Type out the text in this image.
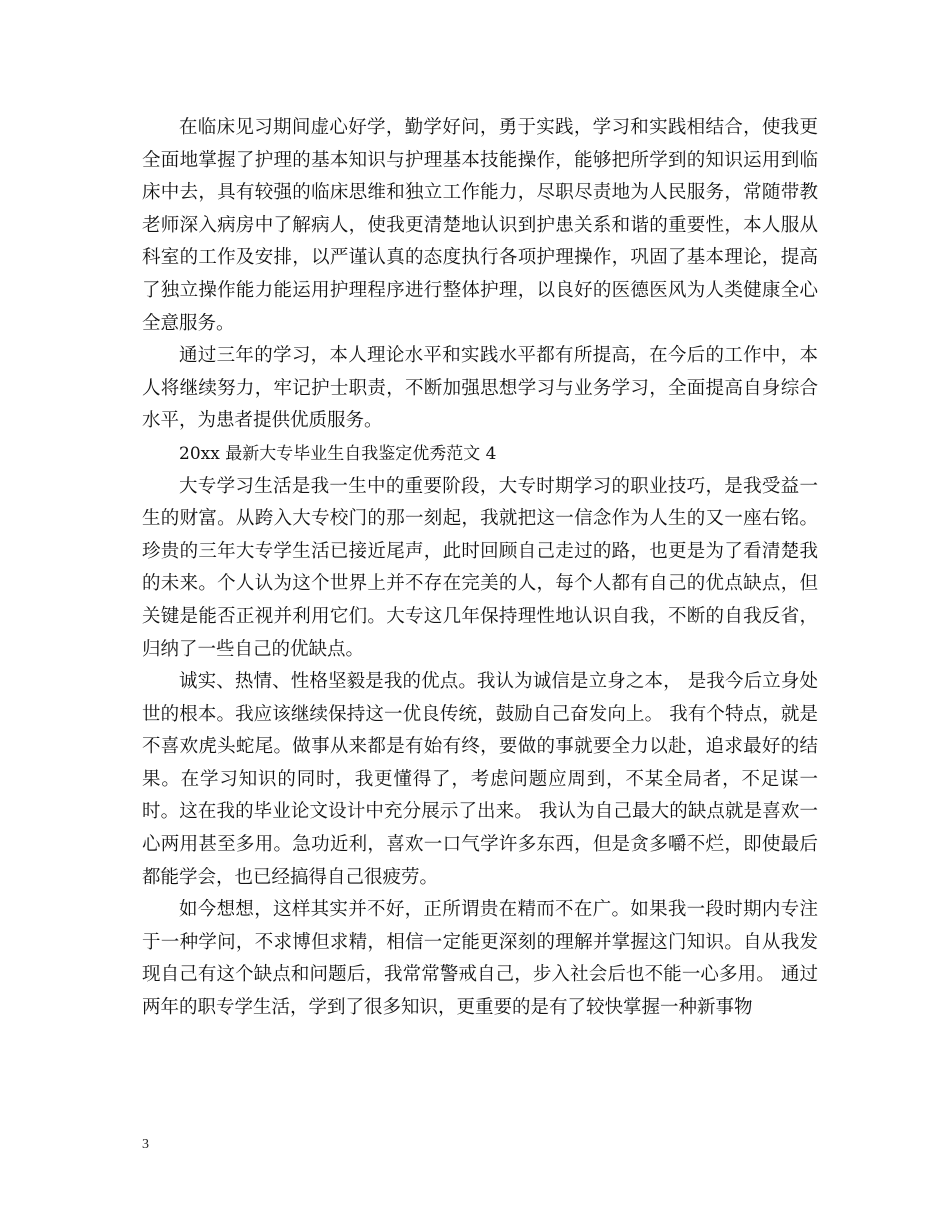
在临床见习期间虚心好学，勤学好问，勇于实践，学习和实践相结合，使我更全面地掌握了护理的基本知识与护理基本技能操作，能够把所学到的知识运用到临床中去，具有较强的临床思维和独立工作能力，尽职尽责地为人民服务，常随带教老师深入病房中了解病人，使我更清楚地认识到护患关系和谐的重要性，本人服从科室的工作及安排，以严谨认真的态度执行各项护理操作，巩固了基本理论，提高了独立操作能力能运用护理程序进行整体护理，以良好的医德医风为人类健康全心全意服务。

通过三年的学习，本人理论水平和实践水平都有所提高，在今后的工作中，本人将继续努力，牢记护士职责，不断加强思想学习与业务学习，全面提高自身综合水平，为患者提供优质服务。

20xx 最新大专毕业生自我鉴定优秀范文 4

大专学习生活是我一生中的重要阶段，大专时期学习的职业技巧，是我受益一生的财富。从跨入大专校门的那一刻起，我就把这一信念作为人生的又一座右铭。珍贵的三年大专学生活已接近尾声，此时回顾自己走过的路，也更是为了看清楚我的未来。个人认为这个世界上并不存在完美的人，每个人都有自己的优点缺点，但关键是能否正视并利用它们。大专这几年保持理性地认识自我，不断的自我反省，归纳了一些自己的优缺点。

诚实、热情、性格坚毅是我的优点。我认为诚信是立身之本， 是我今后立身处世的根本。我应该继续保持这一优良传统，鼓励自己奋发向上。 我有个特点，就是不喜欢虎头蛇尾。做事从来都是有始有终，要做的事就要全力以赴，追求最好的结果。在学习知识的同时，我更懂得了，考虑问题应周到，不某全局者，不足谋一时。这在我的毕业论文设计中充分展示了出来。 我认为自己最大的缺点就是喜欢一心两用甚至多用。急功近利，喜欢一口气学许多东西，但是贪多嚼不烂，即使最后都能学会，也已经搞得自己很疲劳。

如今想想，这样其实并不好，正所谓贵在精而不在广。如果我一段时期内专注于一种学问，不求博但求精，相信一定能更深刻的理解并掌握这门知识。自从我发现自己有这个缺点和问题后，我常常警戒自己，步入社会后也不能一心多用。 通过两年的职专学生活，学到了很多知识，更重要的是有了较快掌握一种新事物

3
